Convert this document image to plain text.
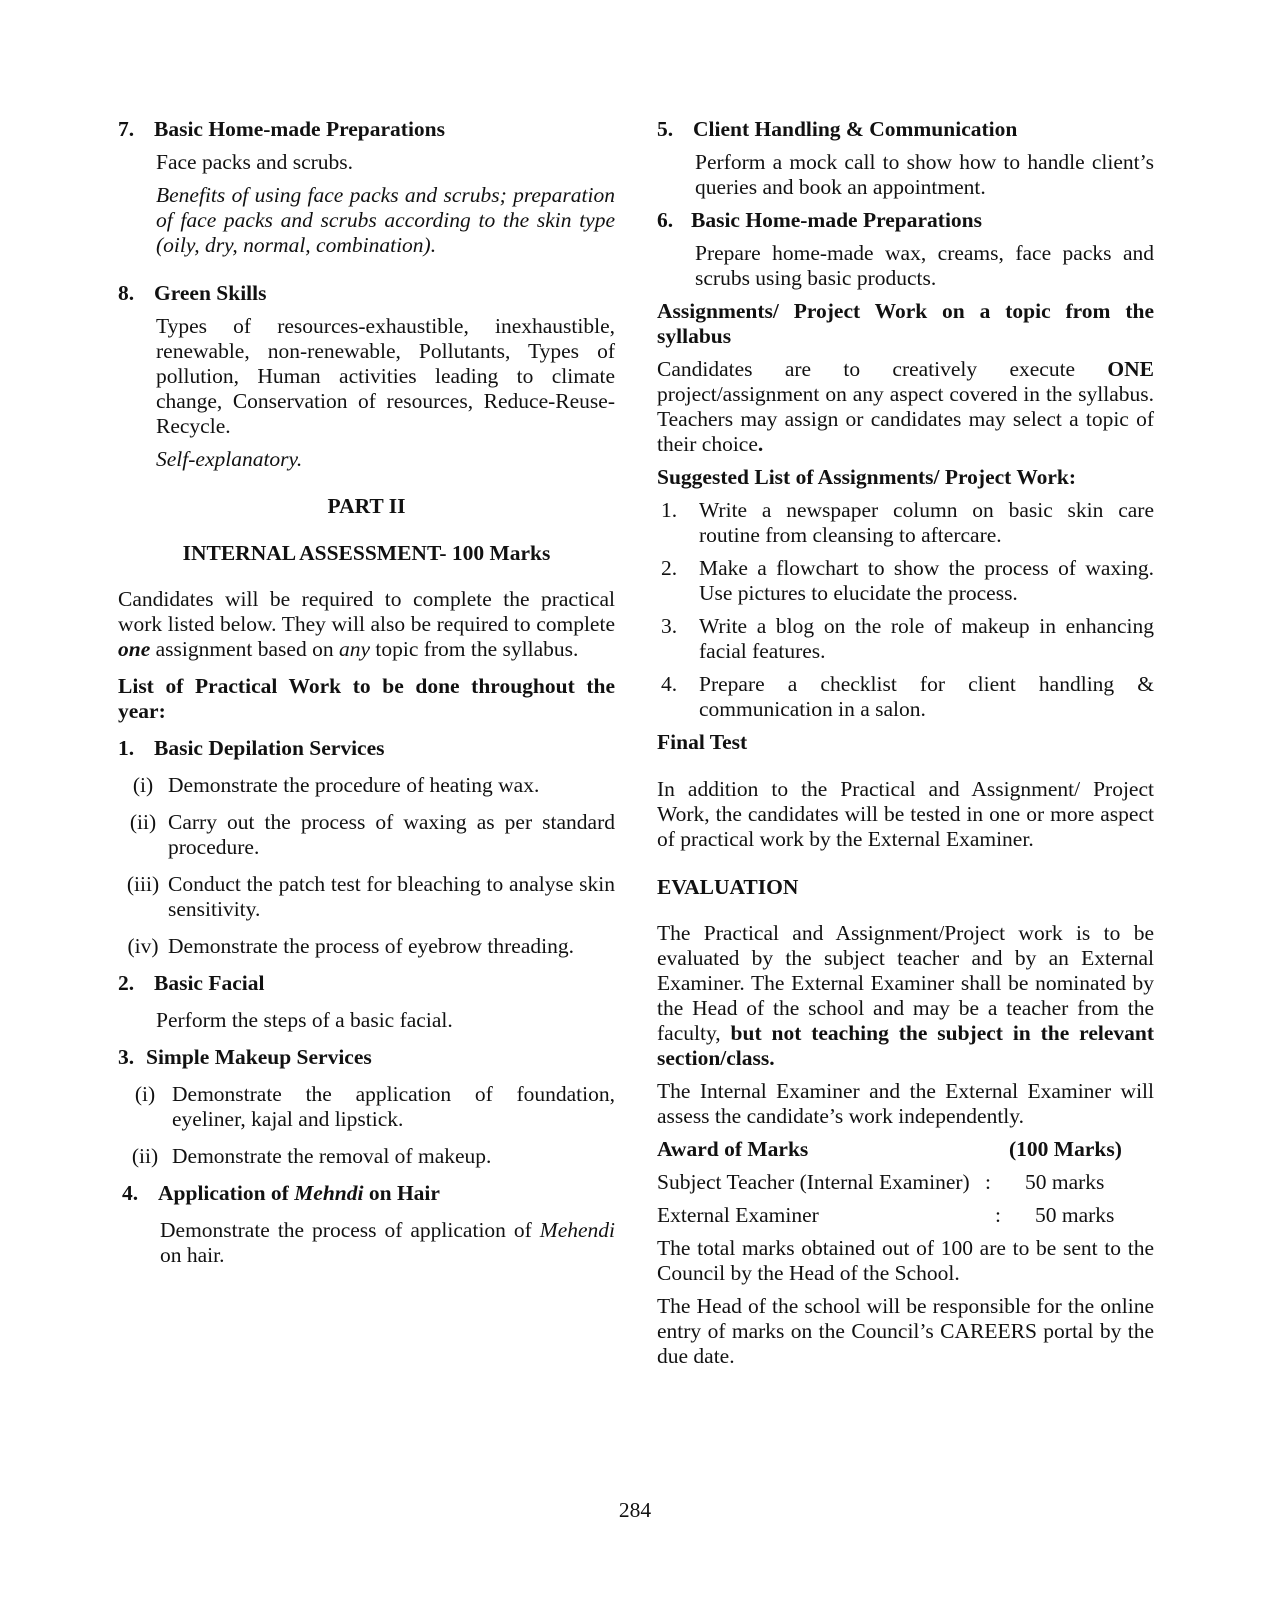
7. Basic Home-made Preparations

Face packs and scrubs.

Benefits of using face packs and scrubs; preparation of face packs and scrubs according to the skin type (oily, dry, normal, combination).

8. Green Skills

Types of resources-exhaustible, inexhaustible, renewable, non-renewable, Pollutants, Types of pollution, Human activities leading to climate change, Conservation of resources, Reduce-Reuse-Recycle.

Self-explanatory.

PART II

INTERNAL ASSESSMENT- 100 Marks

Candidates will be required to complete the practical work listed below. They will also be required to complete one assignment based on any topic from the syllabus.

List of Practical Work to be done throughout the year:

1. Basic Depilation Services
(i) Demonstrate the procedure of heating wax.
(ii) Carry out the process of waxing as per standard procedure.
(iii) Conduct the patch test for bleaching to analyse skin sensitivity.
(iv) Demonstrate the process of eyebrow threading.
2. Basic Facial

Perform the steps of a basic facial.

3. Simple Makeup Services
(i) Demonstrate the application of foundation, eyeliner, kajal and lipstick.
(ii) Demonstrate the removal of makeup.
4. Application of Mehndi on Hair

Demonstrate the process of application of Mehendi on hair.

5. Client Handling & Communication

Perform a mock call to show how to handle client’s queries and book an appointment.

6. Basic Home-made Preparations

Prepare home-made wax, creams, face packs and scrubs using basic products.

Assignments/ Project Work on a topic from the syllabus

Candidates are to creatively execute ONE project/assignment on any aspect covered in the syllabus. Teachers may assign or candidates may select a topic of their choice.

Suggested List of Assignments/ Project Work:

1.	Write a newspaper column on basic skin care routine from cleansing to aftercare.
2.	Make a flowchart to show the process of waxing. Use pictures to elucidate the process.
3.	Write a blog on the role of makeup in enhancing facial features.
4.	Prepare a checklist for client handling & communication in a salon.

Final Test

In addition to the Practical and Assignment/ Project Work, the candidates will be tested in one or more aspect of practical work by the External Examiner.

EVALUATION

The Practical and Assignment/Project work is to be evaluated by the subject teacher and by an External Examiner. The External Examiner shall be nominated by the Head of the school and may be a teacher from the faculty, but not teaching the subject in the relevant section/class.

The Internal Examiner and the External Examiner will assess the candidate’s work independently.

Award of Marks	(100 Marks)
Subject Teacher (Internal Examiner) :	50 marks
External Examiner	:	50 marks

The total marks obtained out of 100 are to be sent to the Council by the Head of the School.

The Head of the school will be responsible for the online entry of marks on the Council’s CAREERS portal by the due date.

284
